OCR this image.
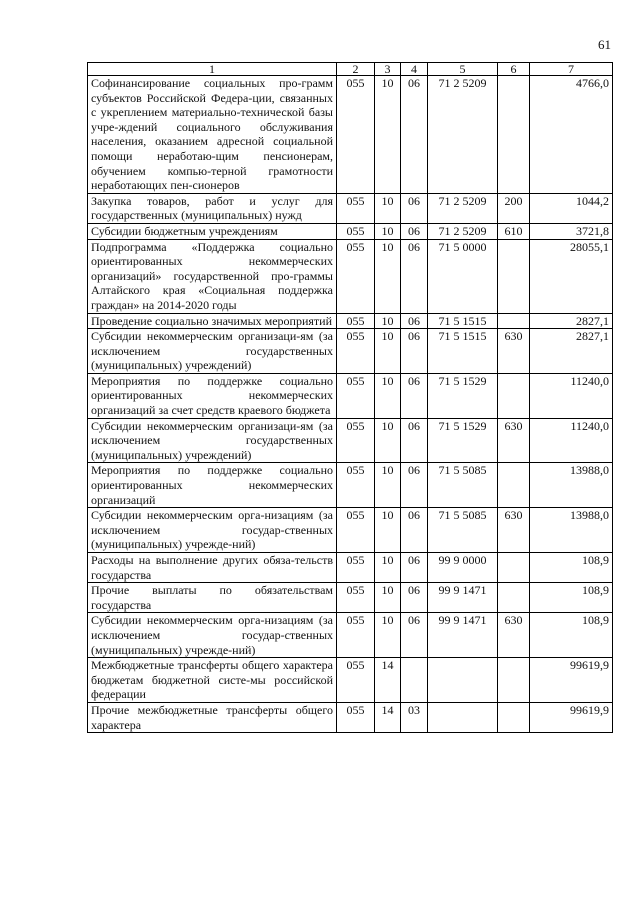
61
1	2	3	4	5	6	7
Софинансирование социальных про-грамм субъектов Российской Федера-ции, связанных с укреплением материально-технической базы учре-ждений социального обслуживания населения, оказанием адресной социальной помощи неработаю-щим пенсионерам, обучением компью-терной грамотности неработающих пен-сионеров	055	10	06	71 2 5209		4766,0
Закупка товаров, работ и услуг для государственных (муниципальных) нужд	055	10	06	71 2 5209	200	1044,2
Субсидии бюджетным учреждениям	055	10	06	71 2 5209	610	3721,8
Подпрограмма «Поддержка социально ориентированных некоммерческих организаций» государственной про-граммы Алтайского края «Социальная поддержка граждан» на 2014-2020 годы	055	10	06	71 5 0000		28055,1
Проведение социально значимых мероприятий	055	10	06	71 5 1515		2827,1
Субсидии некоммерческим организаци-ям (за исключением государственных (муниципальных) учреждений)	055	10	06	71 5 1515	630	2827,1
Мероприятия по поддержке социально ориентированных некоммерческих организаций за счет средств краевого бюджета	055	10	06	71 5 1529		11240,0
Субсидии некоммерческим организаци-ям (за исключением государственных (муниципальных) учреждений)	055	10	06	71 5 1529	630	11240,0
Мероприятия по поддержке социально ориентированных некоммерческих организаций	055	10	06	71 5 5085		13988,0
Субсидии некоммерческим орга-низациям (за исключением государ-ственных (муниципальных) учрежде-ний)	055	10	06	71 5 5085	630	13988,0
Расходы на выполнение других обяза-тельств государства	055	10	06	99 9 0000		108,9
Прочие выплаты по обязательствам государства	055	10	06	99 9 1471		108,9
Субсидии некоммерческим орга-низациям (за исключением государ-ственных (муниципальных) учрежде-ний)	055	10	06	99 9 1471	630	108,9
Межбюджетные трансферты общего характера бюджетам бюджетной систе-мы российской федерации	055	14				99619,9
Прочие межбюджетные трансферты общего характера	055	14	03			99619,9
